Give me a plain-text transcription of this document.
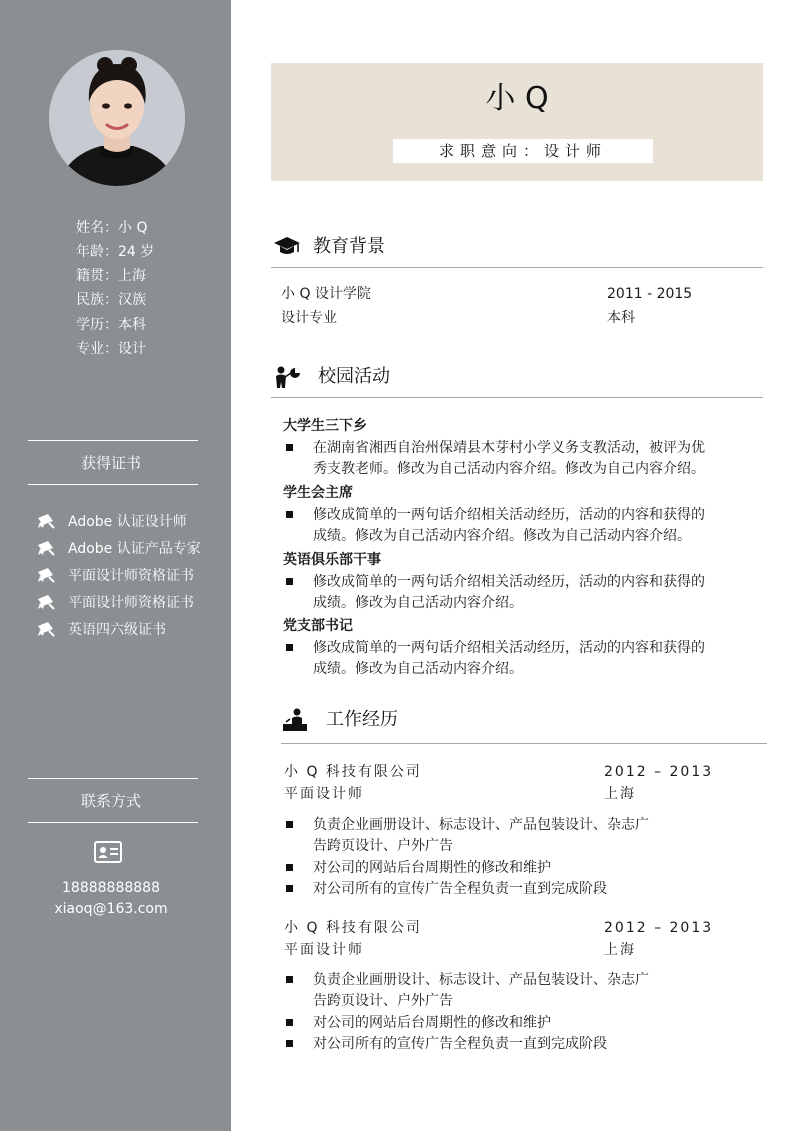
姓名：小 Q
年龄：24 岁
籍贯：上海
民族：汉族
学历：本科
专业：设计
获得证书
Adobe 认证设计师
Adobe 认证产品专家
平面设计师资格证书
平面设计师资格证书
英语四六级证书
联系方式
18888888888
xiaoq@163.com
小 Q
求职意向：设计师
教育背景
小 Q 设计学院	2011 - 2015
设计专业	本科
校园活动
大学生三下乡
在湖南省湘西自治州保靖县木芽村小学义务支教活动，被评为优
秀支教老师。修改为自己活动内容介绍。修改为自己内容介绍。
学生会主席
修改成简单的一两句话介绍相关活动经历，活动的内容和获得的
成绩。修改为自己活动内容介绍。修改为自己活动内容介绍。
英语俱乐部干事
修改成简单的一两句话介绍相关活动经历，活动的内容和获得的
成绩。修改为自己活动内容介绍。
党支部书记
修改成简单的一两句话介绍相关活动经历，活动的内容和获得的
成绩。修改为自己活动内容介绍。
工作经历
小 Q 科技有限公司	2012 – 2013
平面设计师	上海
负责企业画册设计、标志设计、产品包装设计、杂志广
告跨页设计、户外广告
对公司的网站后台周期性的修改和维护
对公司所有的宣传广告全程负责一直到完成阶段
小 Q 科技有限公司	2012 – 2013
平面设计师	上海
负责企业画册设计、标志设计、产品包装设计、杂志广
告跨页设计、户外广告
对公司的网站后台周期性的修改和维护
对公司所有的宣传广告全程负责一直到完成阶段
